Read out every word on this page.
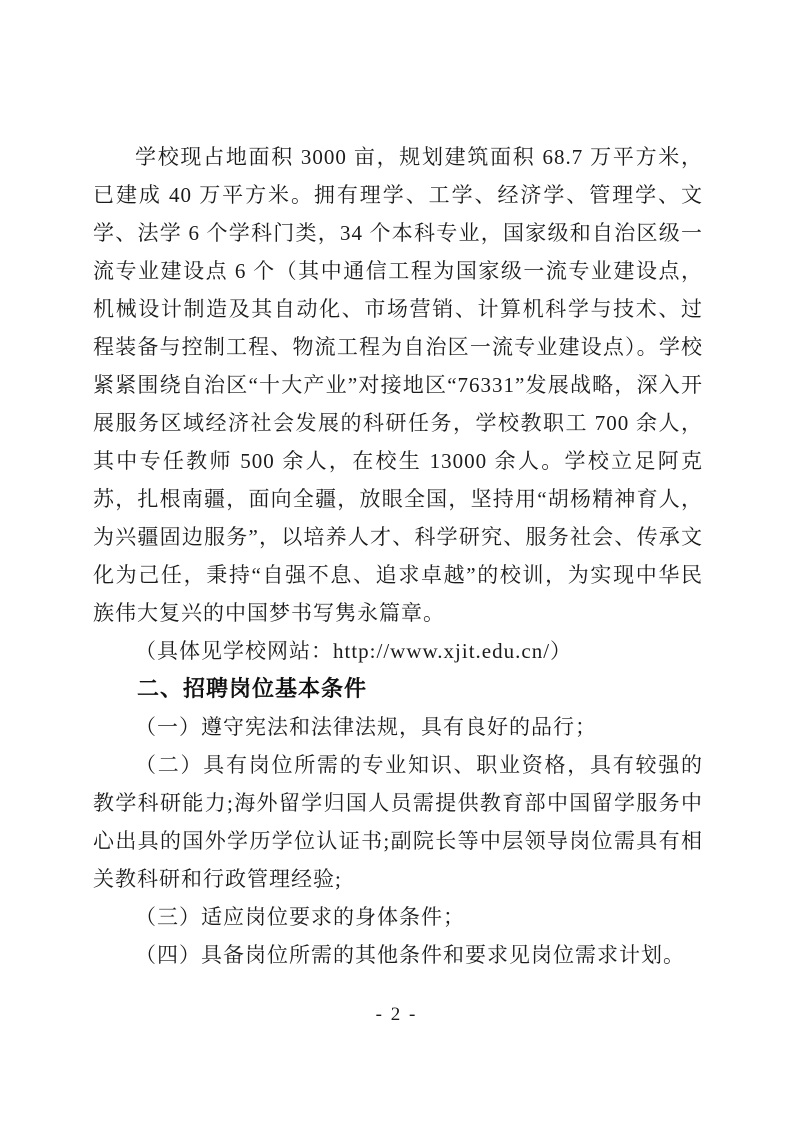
学校现占地面积 3000 亩，规划建筑面积 68.7 万平方米，已建成 40 万平方米。拥有理学、工学、经济学、管理学、文学、法学 6 个学科门类，34 个本科专业，国家级和自治区级一流专业建设点 6 个（其中通信工程为国家级一流专业建设点，机械设计制造及其自动化、市场营销、计算机科学与技术、过程装备与控制工程、物流工程为自治区一流专业建设点）。学校紧紧围绕自治区“十大产业”对接地区“76331”发展战略，深入开展服务区域经济社会发展的科研任务，学校教职工 700 余人，其中专任教师 500 余人，在校生 13000 余人。学校立足阿克苏，扎根南疆，面向全疆，放眼全国，坚持用“胡杨精神育人，为兴疆固边服务”，以培养人才、科学研究、服务社会、传承文化为己任，秉持“自强不息、追求卓越”的校训，为实现中华民族伟大复兴的中国梦书写隽永篇章。

（具体见学校网站：http://www.xjit.edu.cn/）

二、招聘岗位基本条件

（一）遵守宪法和法律法规，具有良好的品行；

（二）具有岗位所需的专业知识、职业资格，具有较强的教学科研能力;海外留学归国人员需提供教育部中国留学服务中心出具的国外学历学位认证书;副院长等中层领导岗位需具有相关教科研和行政管理经验;

（三）适应岗位要求的身体条件；

（四）具备岗位所需的其他条件和要求见岗位需求计划。

- 2 -
